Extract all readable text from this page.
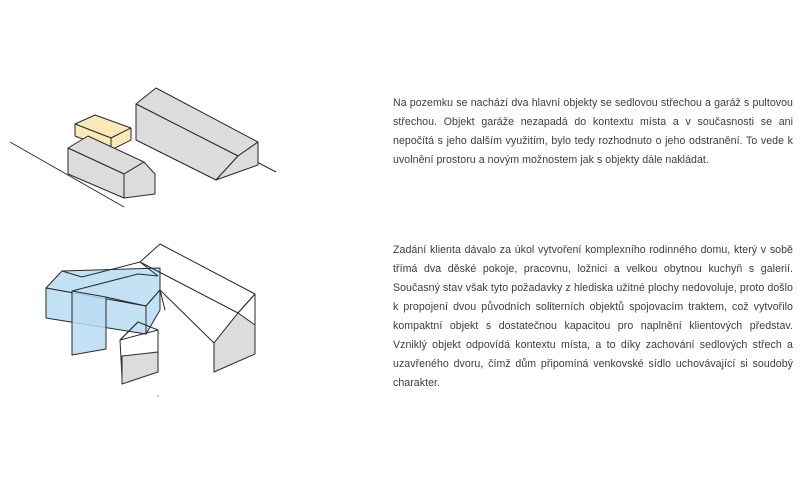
Na pozemku se nachází dva hlavní objekty se sedlovou střechou a garáž s pultovou střechou. Objekt garáže nezapadá do kontextu místa a v současnosti se ani nepočítá s jeho dalším využitím, bylo tedy rozhodnuto o jeho odstranění. To vede k uvolnění prostoru a novým možnostem jak s objekty dále nakládat.

Zadání klienta dávalo za úkol vytvoření komplexního rodinného domu, který v sobě třímá dva děské pokoje, pracovnu, ložnici a velkou obytnou kuchyň s galerií. Současný stav však tyto požadavky z hlediska užitné plochy nedovoluje, proto došlo k propojení dvou původních soliterních objektů spojovacím traktem, což vytvořilo kompaktní objekt s dostatečnou kapacitou pro naplnění klientových představ. Vzniklý objekt odpovídá kontextu místa, a to díky zachování sedlových střech a uzavřeného dvoru, čímž dům připomíná venkovské sídlo uchovávající si soudobý charakter.
